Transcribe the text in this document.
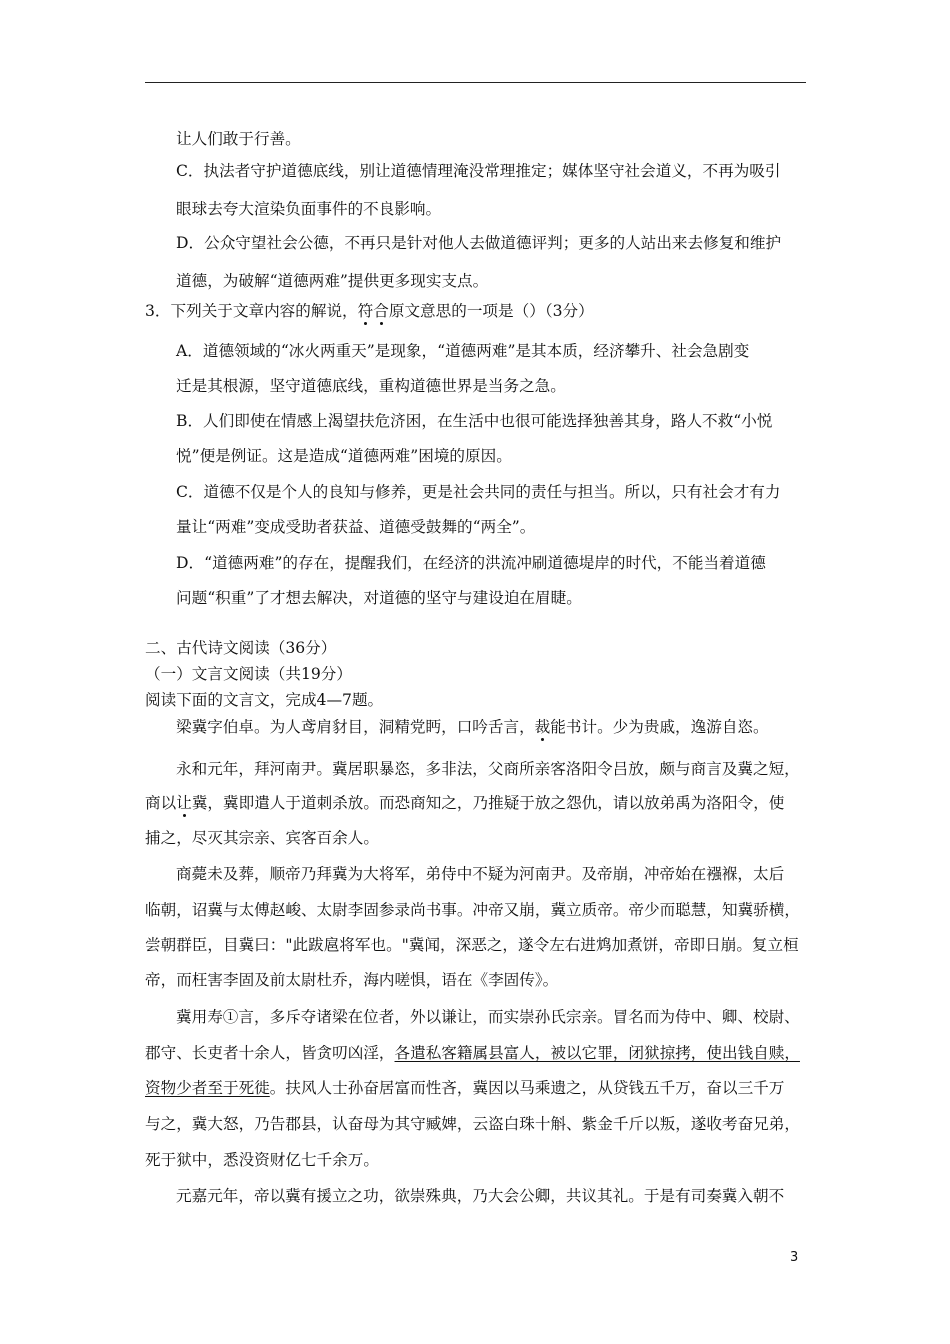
让人们敢于行善。
C．执法者守护道德底线，别让道德情理淹没常理推定；媒体坚守社会道义，不再为吸引
眼球去夸大渲染负面事件的不良影响。
D．公众守望社会公德，不再只是针对他人去做道德评判；更多的人站出来去修复和维护
道德，为破解“道德两难”提供更多现实支点。
3．下列关于文章内容的解说，符合原文意思的一项是（）（3分）
A．道德领域的“冰火两重天”是现象，“道德两难”是其本质，经济攀升、社会急剧变
迁是其根源，坚守道德底线，重构道德世界是当务之急。
B．人们即使在情感上渴望扶危济困，在生活中也很可能选择独善其身，路人不救“小悦
悦”便是例证。这是造成“道德两难”困境的原因。
C．道德不仅是个人的良知与修养，更是社会共同的责任与担当。所以，只有社会才有力
量让“两难”变成受助者获益、道德受鼓舞的“两全”。
D．“道德两难”的存在，提醒我们，在经济的洪流冲刷道德堤岸的时代，不能当着道德
问题“积重”了才想去解决，对道德的坚守与建设迫在眉睫。
二、古代诗文阅读（36分）
（一）文言文阅读（共19分）
阅读下面的文言文，完成4—7题。
梁冀字伯卓。为人鸢肩豺目，洞精党眄，口吟舌言，裁能书计。少为贵戚，逸游自恣。
永和元年，拜河南尹。冀居职暴恣，多非法，父商所亲客洛阳令吕放，颇与商言及冀之短，
商以让冀，冀即遣人于道刺杀放。而恐商知之，乃推疑于放之怨仇，请以放弟禹为洛阳令，使
捕之，尽灭其宗亲、宾客百余人。
商薨未及葬，顺帝乃拜冀为大将军，弟侍中不疑为河南尹。及帝崩，冲帝始在襁褓，太后
临朝，诏冀与太傅赵峻、太尉李固参录尚书事。冲帝又崩，冀立质帝。帝少而聪慧，知冀骄横，
尝朝群臣，目冀曰："此跋扈将军也。"冀闻，深恶之，遂令左右进鸩加煮饼，帝即日崩。复立桓
帝，而枉害李固及前太尉杜乔，海内嗟惧，语在《李固传》。
冀用寿①言，多斥夺诸梁在位者，外以谦让，而实崇孙氏宗亲。冒名而为侍中、卿、校尉、
郡守、长吏者十余人，皆贪叨凶淫，各遣私客籍属县富人，被以它罪，闭狱掠拷，使出钱自赎，
资物少者至于死徙。扶风人士孙奋居富而性吝，冀因以马乘遗之，从贷钱五千万，奋以三千万
与之，冀大怒，乃告郡县，认奋母为其守臧婢，云盗白珠十斛、紫金千斤以叛，遂收考奋兄弟，
死于狱中，悉没资财亿七千余万。
元嘉元年，帝以冀有援立之功，欲崇殊典，乃大会公卿，共议其礼。于是有司奏冀入朝不
3
